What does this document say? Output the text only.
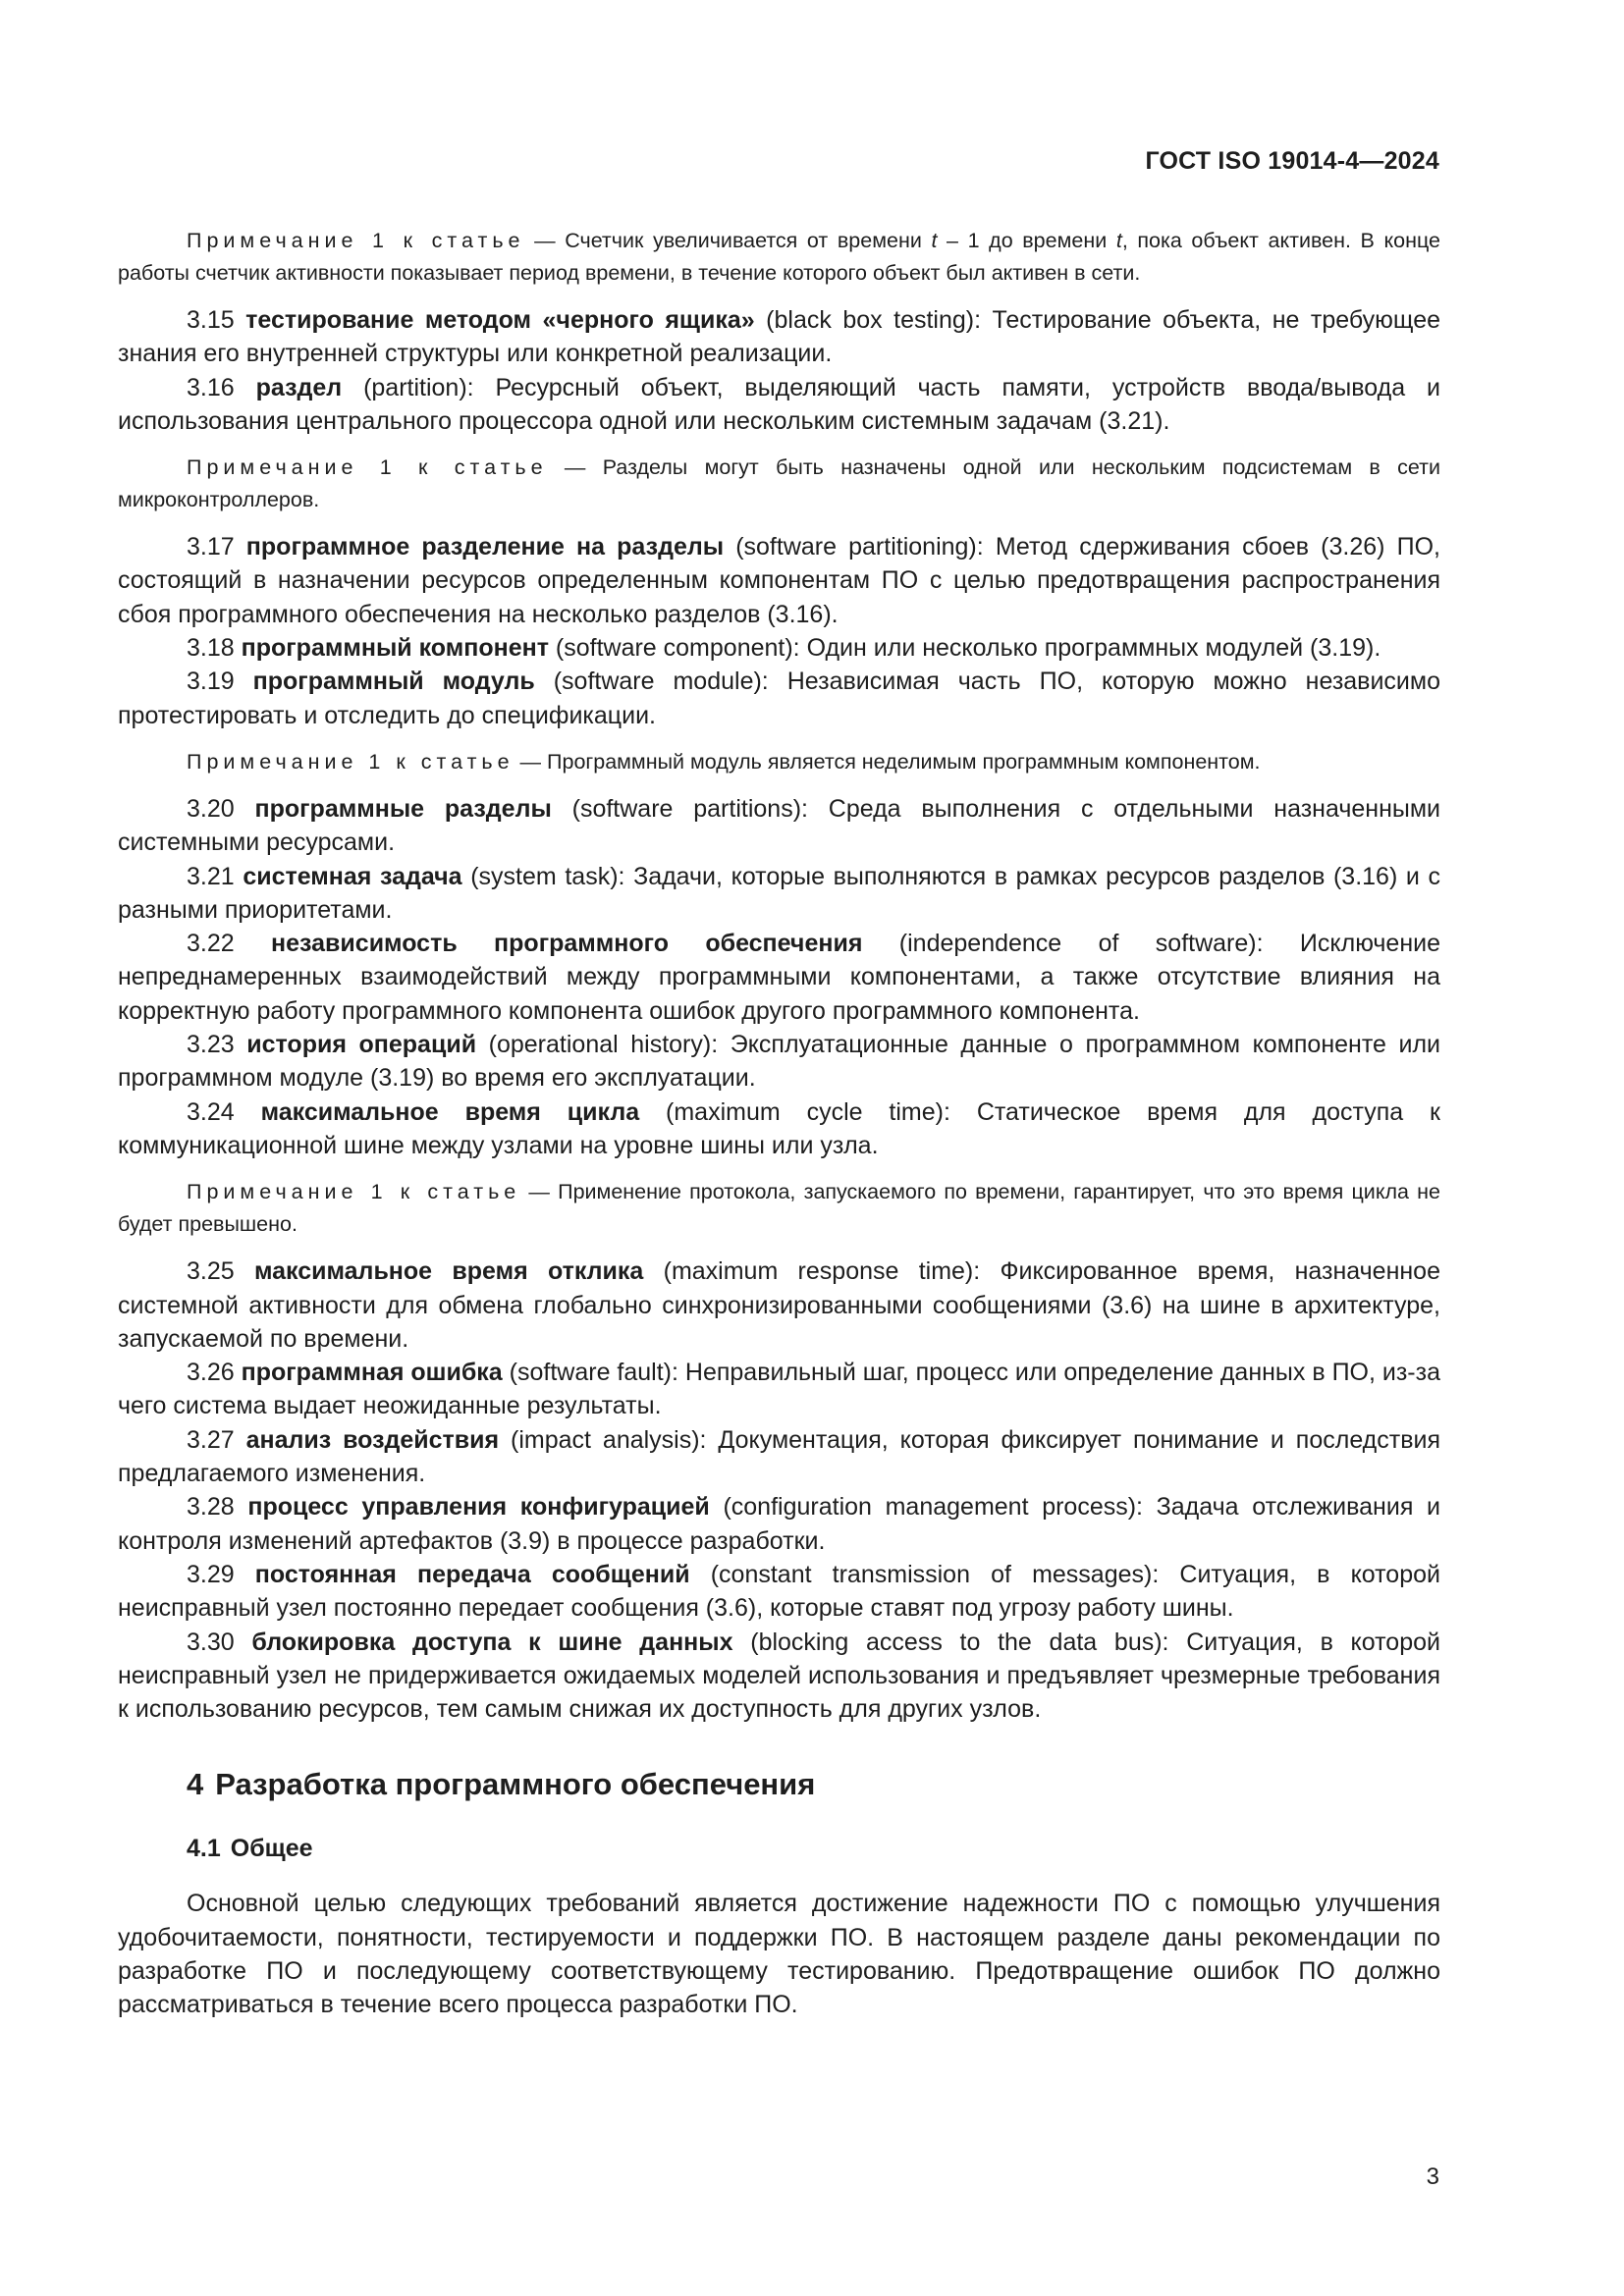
ГОСТ ISO 19014-4—2024

Примечание 1 к статье — Счетчик увеличивается от времени t – 1 до времени t, пока объект активен. В конце работы счетчик активности показывает период времени, в течение которого объект был активен в сети.

3.15 тестирование методом «черного ящика» (black box testing): Тестирование объекта, не требующее знания его внутренней структуры или конкретной реализации.

3.16 раздел (partition): Ресурсный объект, выделяющий часть памяти, устройств ввода/вывода и использования центрального процессора одной или нескольким системным задачам (3.21).

Примечание 1 к статье — Разделы могут быть назначены одной или нескольким подсистемам в сети микроконтроллеров.

3.17 программное разделение на разделы (software partitioning): Метод сдерживания сбоев (3.26) ПО, состоящий в назначении ресурсов определенным компонентам ПО с целью предотвращения распространения сбоя программного обеспечения на несколько разделов (3.16).

3.18 программный компонент (software component): Один или несколько программных модулей (3.19).

3.19 программный модуль (software module): Независимая часть ПО, которую можно независимо протестировать и отследить до спецификации.

Примечание 1 к статье — Программный модуль является неделимым программным компонентом.

3.20 программные разделы (software partitions): Среда выполнения с отдельными назначенными системными ресурсами.

3.21 системная задача (system task): Задачи, которые выполняются в рамках ресурсов разделов (3.16) и с разными приоритетами.

3.22 независимость программного обеспечения (independence of software): Исключение непреднамеренных взаимодействий между программными компонентами, а также отсутствие влияния на корректную работу программного компонента ошибок другого программного компонента.

3.23 история операций (operational history): Эксплуатационные данные о программном компоненте или программном модуле (3.19) во время его эксплуатации.

3.24 максимальное время цикла (maximum cycle time): Статическое время для доступа к коммуникационной шине между узлами на уровне шины или узла.

Примечание 1 к статье — Применение протокола, запускаемого по времени, гарантирует, что это время цикла не будет превышено.

3.25 максимальное время отклика (maximum response time): Фиксированное время, назначенное системной активности для обмена глобально синхронизированными сообщениями (3.6) на шине в архитектуре, запускаемой по времени.

3.26 программная ошибка (software fault): Неправильный шаг, процесс или определение данных в ПО, из-за чего система выдает неожиданные результаты.

3.27 анализ воздействия (impact analysis): Документация, которая фиксирует понимание и последствия предлагаемого изменения.

3.28 процесс управления конфигурацией (configuration management process): Задача отслеживания и контроля изменений артефактов (3.9) в процессе разработки.

3.29 постоянная передача сообщений (constant transmission of messages): Ситуация, в которой неисправный узел постоянно передает сообщения (3.6), которые ставят под угрозу работу шины.

3.30 блокировка доступа к шине данных (blocking access to the data bus): Ситуация, в которой неисправный узел не придерживается ожидаемых моделей использования и предъявляет чрезмерные требования к использованию ресурсов, тем самым снижая их доступность для других узлов.

4 Разработка программного обеспечения
4.1 Общее

Основной целью следующих требований является достижение надежности ПО с помощью улучшения удобочитаемости, понятности, тестируемости и поддержки ПО. В настоящем разделе даны рекомендации по разработке ПО и последующему соответствующему тестированию. Предотвращение ошибок ПО должно рассматриваться в течение всего процесса разработки ПО.

3
